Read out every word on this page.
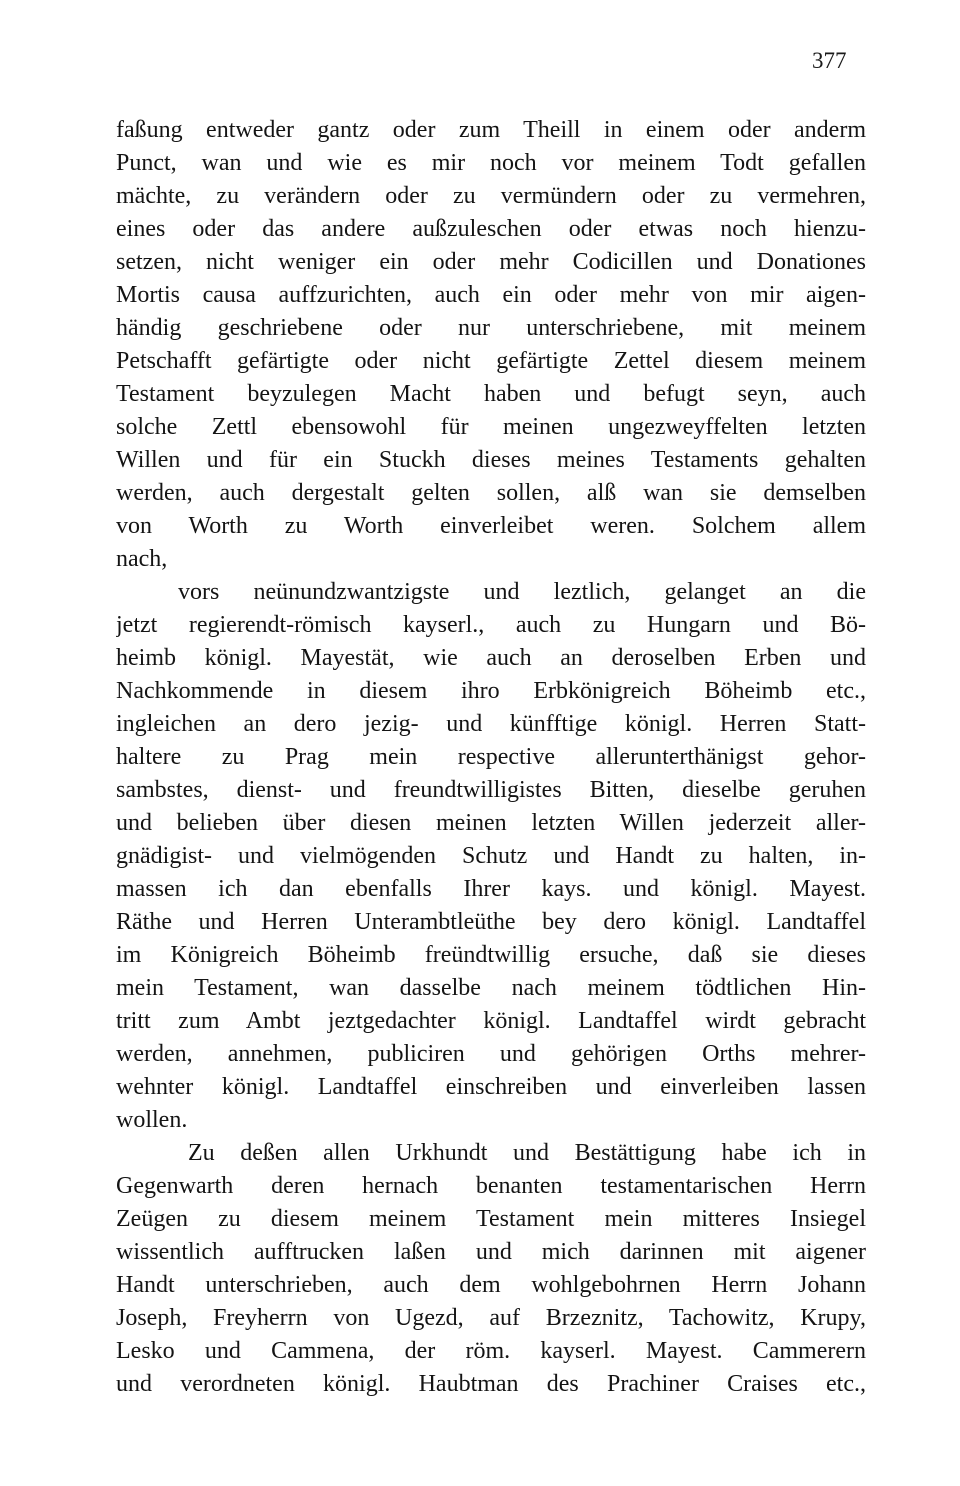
377
faßung entweder gantz oder zum Theill in einem oder anderm
Punct, wan und wie es mir noch vor meinem Todt gefallen
mächte, zu verändern oder zu vermündern oder zu vermehren,
eines oder das andere außzuleschen oder etwas noch hienzu-
setzen, nicht weniger ein oder mehr Codicillen und Donationes
Mortis causa auffzurichten, auch ein oder mehr von mir aigen-
händig geschriebene oder nur unterschriebene, mit meinem
Petschafft gefärtigte oder nicht gefärtigte Zettel diesem meinem
Testament beyzulegen Macht haben und befugt seyn, auch
solche Zettl ebensowohl für meinen ungezweyffelten letzten
Willen und für ein Stuckh dieses meines Testaments gehalten
werden, auch dergestalt gelten sollen, alß wan sie demselben
von Worth zu Worth einverleibet weren. Solchem allem
nach,
vors neünundzwantzigste und leztlich, gelanget an die
jetzt regierendt-römisch kayserl., auch zu Hungarn und Bö-
heimb königl. Mayestät, wie auch an deroselben Erben und
Nachkommende in diesem ihro Erbkönigreich Böheimb etc.,
ingleichen an dero jezig- und künfftige königl. Herren Statt-
haltere zu Prag mein respective allerunterthänigst gehor-
sambstes, dienst- und freundtwilligistes Bitten, dieselbe geruhen
und belieben über diesen meinen letzten Willen jederzeit aller-
gnädigist- und vielmögenden Schutz und Handt zu halten, in-
massen ich dan ebenfalls Ihrer kays. und königl. Mayest.
Räthe und Herren Unterambtleüthe bey dero königl. Landtaffel
im Königreich Böheimb freündtwillig ersuche, daß sie dieses
mein Testament, wan dasselbe nach meinem tödtlichen Hin-
tritt zum Ambt jeztgedachter königl. Landtaffel wirdt gebracht
werden, annehmen, publiciren und gehörigen Orths mehrer-
wehnter königl. Landtaffel einschreiben und einverleiben lassen
wollen.
Zu deßen allen Urkhundt und Bestättigung habe ich in
Gegenwarth deren hernach benanten testamentarischen Herrn
Zeügen zu diesem meinem Testament mein mitteres Insiegel
wissentlich aufftrucken laßen und mich darinnen mit aigener
Handt unterschrieben, auch dem wohlgebohrnen Herrn Johann
Joseph, Freyherrn von Ugezd, auf Brzeznitz, Tachowitz, Krupy,
Lesko und Cammena, der röm. kayserl. Mayest. Cammerern
und verordneten königl. Haubtman des Prachiner Craises etc.,
